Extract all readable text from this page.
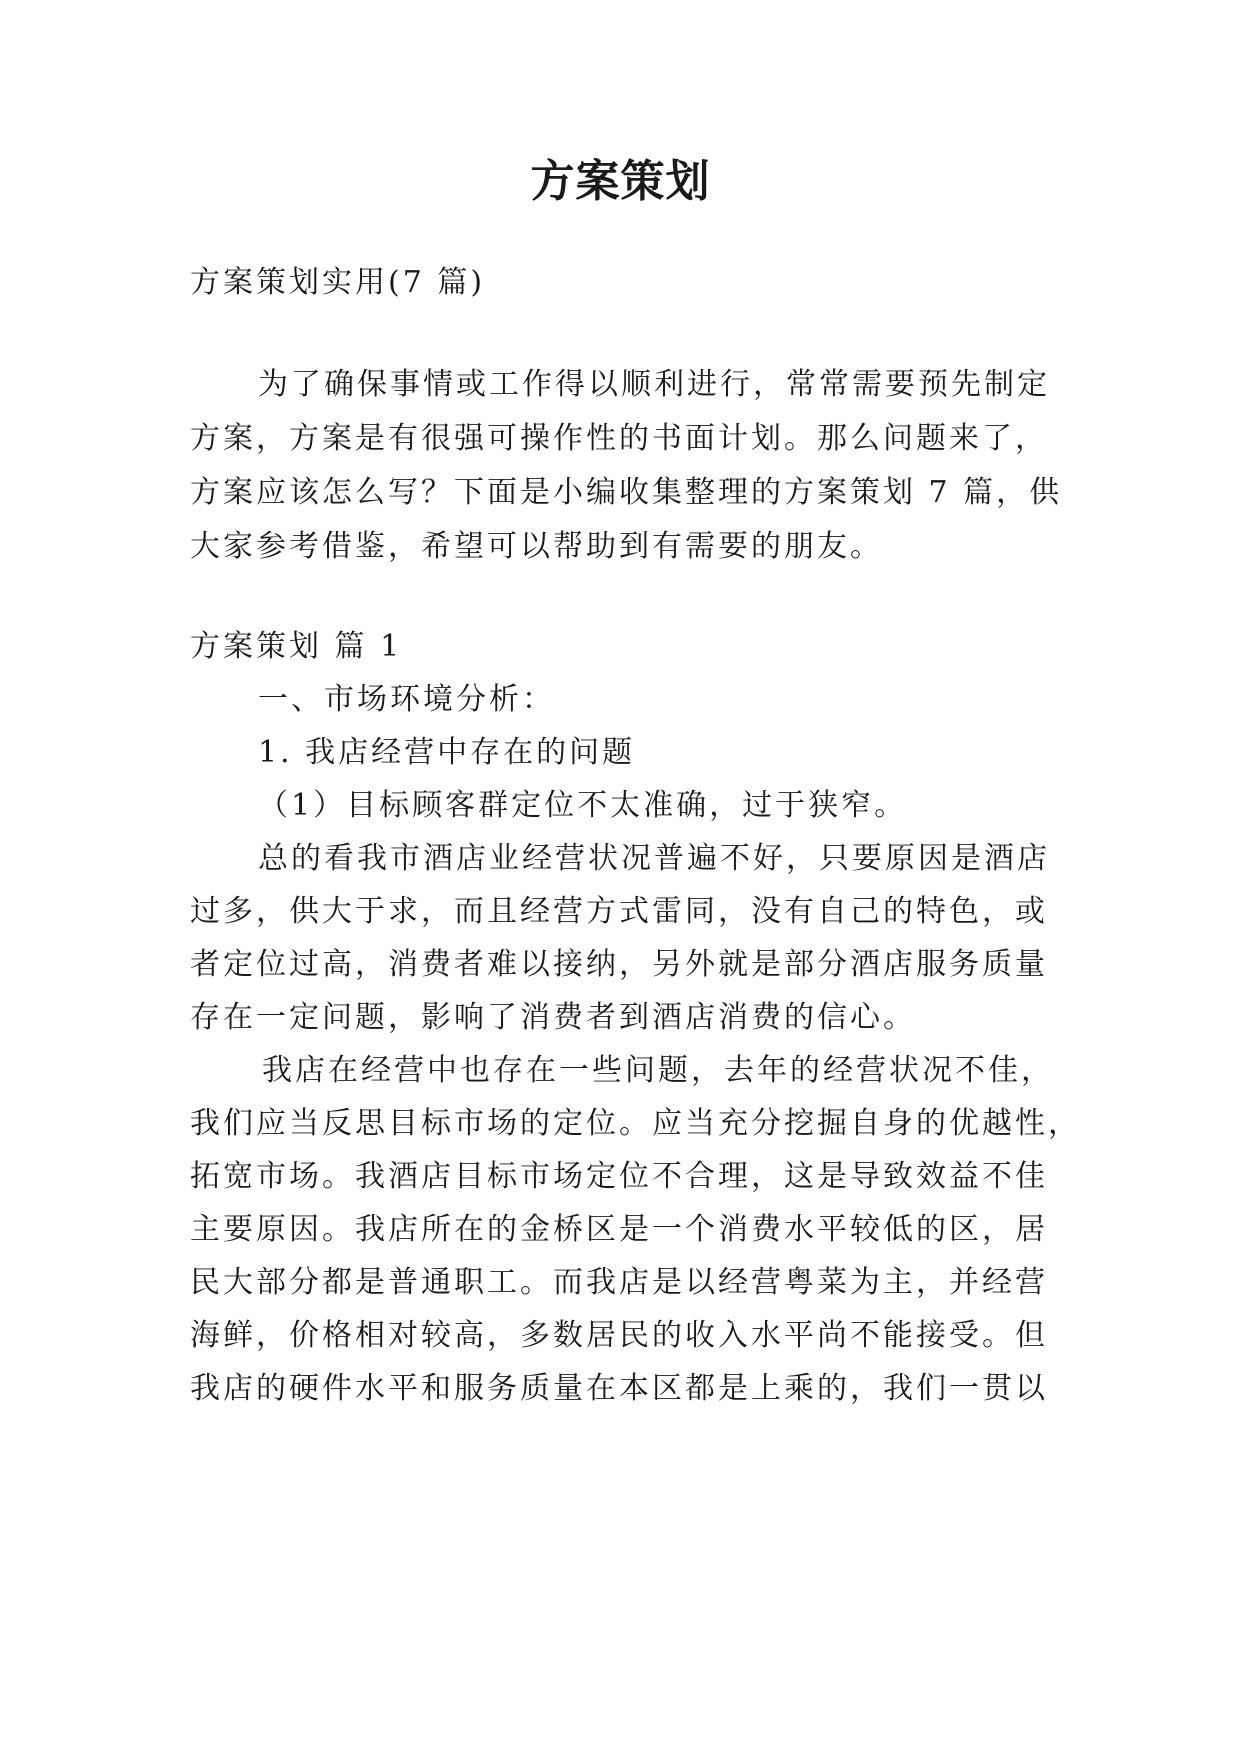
方案策划
方案策划实用(7 篇)
为了确保事情或工作得以顺利进行，常常需要预先制定
方案，方案是有很强可操作性的书面计划。那么问题来了，
方案应该怎么写？下面是小编收集整理的方案策划 7 篇，供
大家参考借鉴，希望可以帮助到有需要的朋友。
方案策划 篇 1
一、市场环境分析：
1. 我店经营中存在的问题
（1）目标顾客群定位不太准确，过于狭窄。
总的看我市酒店业经营状况普遍不好，只要原因是酒店
过多，供大于求，而且经营方式雷同，没有自己的特色，或
者定位过高，消费者难以接纳，另外就是部分酒店服务质量
存在一定问题，影响了消费者到酒店消费的信心。
我店在经营中也存在一些问题，去年的经营状况不佳，
我们应当反思目标市场的定位。应当充分挖掘自身的优越性，
拓宽市场。我酒店目标市场定位不合理，这是导致效益不佳
主要原因。我店所在的金桥区是一个消费水平较低的区，居
民大部分都是普通职工。而我店是以经营粤菜为主，并经营
海鲜，价格相对较高，多数居民的收入水平尚不能接受。但
我店的硬件水平和服务质量在本区都是上乘的，我们一贯以
